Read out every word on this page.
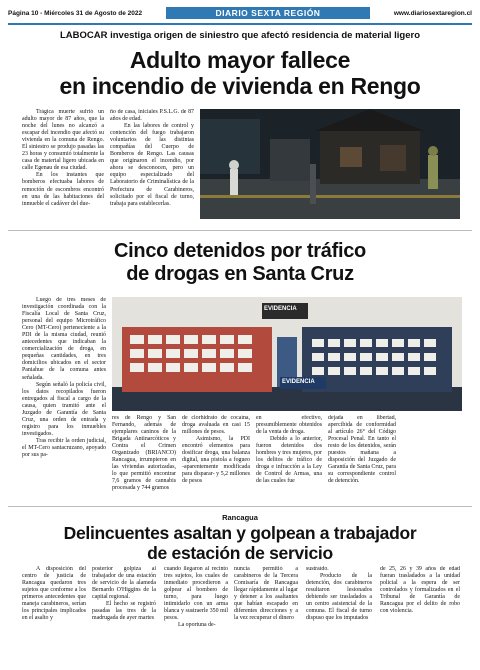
Página 10 - Miércoles 31 de Agosto de 2022	DIARIO SEXTA REGIÓN	www.diariosextaregion.cl
LABOCAR investiga origen de siniestro que afectó residencia de material ligero
Adulto mayor fallece
en incendio de vivienda en Rengo

Trágica muerte sufrió un adulto mayor de 87 años, que la noche del lunes no alcanzó a escapar del incendio que afectó su vivienda en la comuna de Rengo. El siniestro se produjo pasadas las 23 horas y consumió totalmente la casa de material ligero ubicada en calle Egenau de esa ciudad.

En los instantes que bomberos efectuaba labores de remoción de escombros encontró en una de las habitaciones del inmueble el cadáver del due-

ño de casa, iniciales P.S.L.G. de 87 años de edad.

En las labores de control y contención del fuego trabajaron voluntarios de las distintas compañías del Cuerpo de Bomberos de Rengo. Las causas que originaron el incendio, por ahora se desconocen, pero un equipo especializado del Laboratorio de Criminalística de la Prefectura de Carabineros, solicitado por el fiscal de turno, trabaja para establecerlas.

Cinco detenidos por tráfico
de drogas en Santa Cruz

Luego de tres meses de investigación coordinada con la Fiscalía Local de Santa Cruz, personal del equipo Microtráfico Cero (MT-Cero) perteneciente a la PDI de la misma ciudad, reunió antecedentes que indicaban la comercialización de droga, en pequeñas cantidades, en tres domicilios ubicados en el sector Paniahue de la comuna antes señalada.

Según señaló la policía civil, los datos recopilados fueron entregados al fiscal a cargo de la causa, quien tramitó ante el Juzgado de Garantía de Santa Cruz, una orden de entrada y registro para los inmuebles investigados.

Tras recibir la orden judicial, el MT-Cero santacruzano, apoyado por sus pa-

EVIDENCIA
EVIDENCIA

res de Rengo y San Fernando, además de ejemplares caninos de la Brigada Antinarcóticos y Contra el Crimen Organizado (BRIANCO) Rancagua, irrumpieron en las viviendas autorizadas, lo que permitió encontrar 7,6 gramos de cannabis procesada y 744 gramos

de clorhidrato de cocaína, droga avaluada en casi 15 millones de pesos.

Asimismo, la PDI encontró elementos para dosificar droga, una balanza digital, una pistola a fogueo -aparentemente modificada para disparar- y 5,2 millones de pesos

en efectivo, presumiblemente obtenidos de la venta de droga.

Debido a lo anterior, fueron detenidos dos hombres y tres mujeres, por los delitos de tráfico de droga e infracción a la Ley de Control de Armas, una de las cuales fue

dejada en libertad, apercibida de conformidad al artículo 26° del Código Procesal Penal. En tanto el resto de los detenidos, serán puestos mañana a disposición del Juzgado de Garantía de Santa Cruz, para su correspondiente control de detención.

Rancagua
Delincuentes asaltan y golpean a trabajador
de estación de servicio

A disposición del centro de justicia de Rancagua quedaron tres sujetos que conforme a los primeros antecedentes que maneja carabineros, serían los principales implicados en el asalto y

posterior golpiza al trabajador de una estación de servicio de la alameda Bernardo O'Higgins de la capital regional.

El hecho se registró pasadas las tres de la madrugada de ayer martes

cuando llegaron al recinto tres sujetos, los cuales de inmediato procedieron a golpear al bombero de turno, para luego intimidarlo con un arma blanca y sustraerle 350 mil pesos.

La oportuna de-

nuncia permitió a carabineros de la Tercera Comisaría de Rancagua llegar rápidamente al lugar y detener a los asaltantes que habían escapado en diferentes direcciones y a la vez recuperar el dinero

sustraído.

Producto de la detención, dos carabineros resultaron lesionados debiendo ser trasladados a un centro asistencial de la comuna. El fiscal de turno dispuso que los imputados

de 25, 26 y 39 años de edad fueran trasladados a la unidad policial a la espera de ser controlados y formalizados en el Tribunal de Garantía de Rancagua por el delito de robo con violencia.
